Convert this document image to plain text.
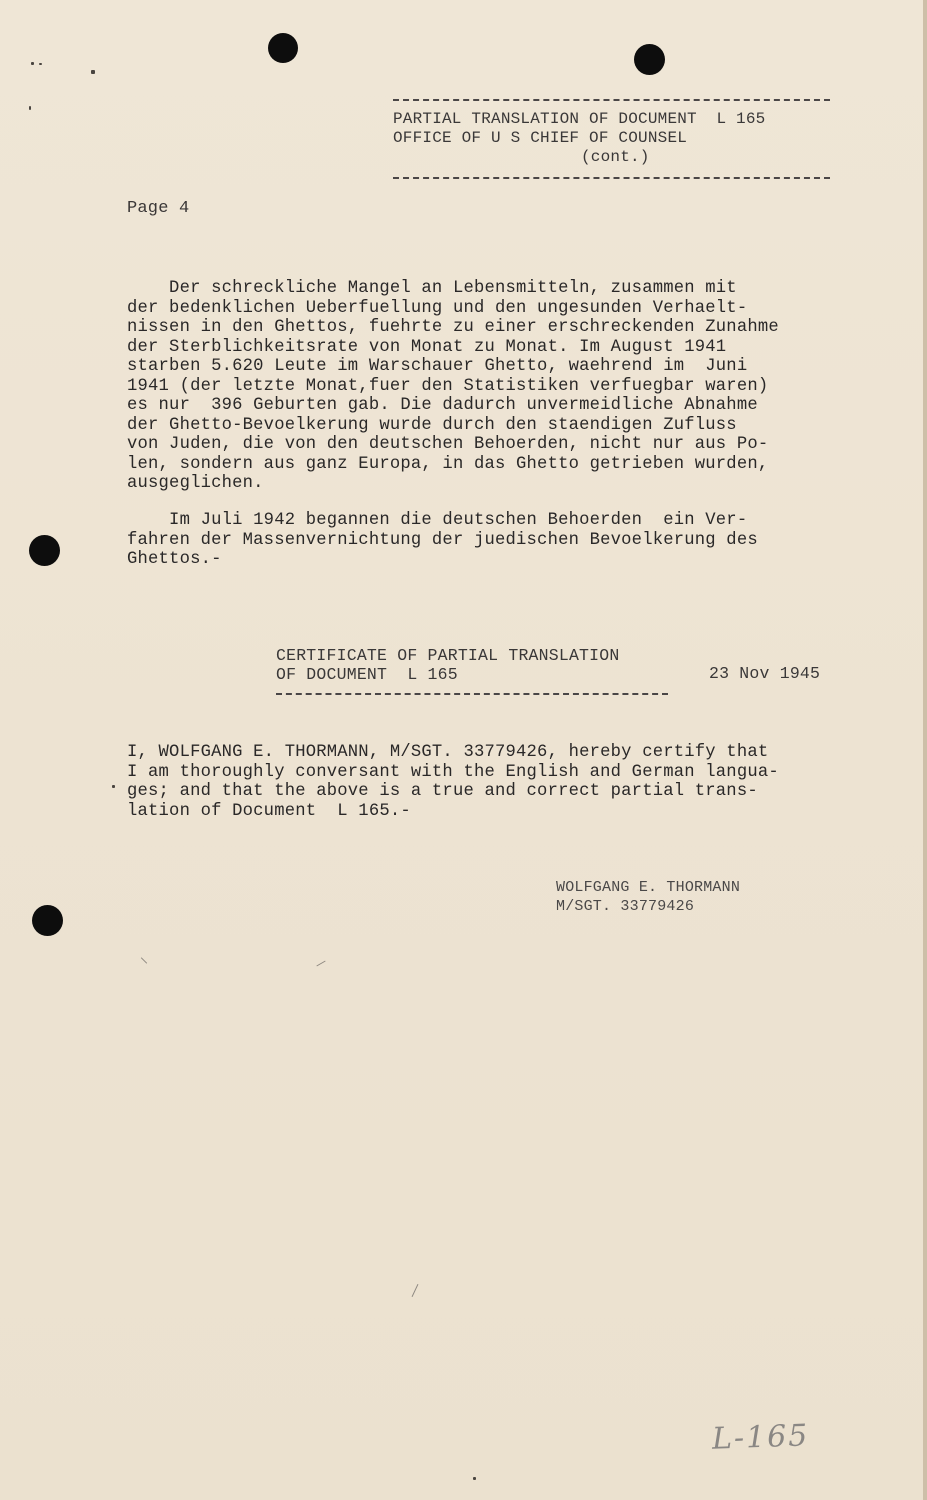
PARTIAL TRANSLATION OF DOCUMENT  L 165
OFFICE OF U S CHIEF OF COUNSEL
(cont.)
Page 4
Der schreckliche Mangel an Lebensmitteln, zusammen mit
der bedenklichen Ueberfuellung und den ungesunden Verhaelt-
nissen in den Ghettos, fuehrte zu einer erschreckenden Zunahme
der Sterblichkeitsrate von Monat zu Monat. Im August 1941
starben 5.620 Leute im Warschauer Ghetto, waehrend im  Juni
1941 (der letzte Monat,fuer den Statistiken verfuegbar waren)
es nur  396 Geburten gab. Die dadurch unvermeidliche Abnahme
der Ghetto-Bevoelkerung wurde durch den staendigen Zufluss
von Juden, die von den deutschen Behoerden, nicht nur aus Po-
len, sondern aus ganz Europa, in das Ghetto getrieben wurden,
ausgeglichen.
Im Juli 1942 begannen die deutschen Behoerden  ein Ver-
fahren der Massenvernichtung der juedischen Bevoelkerung des
Ghettos.-
CERTIFICATE OF PARTIAL TRANSLATION
OF DOCUMENT  L 165	23 Nov 1945
I, WOLFGANG E. THORMANN, M/SGT. 33779426, hereby certify that
I am thoroughly conversant with the English and German langua-
ges; and that the above is a true and correct partial trans-
lation of Document  L 165.-
WOLFGANG E. THORMANN
M/SGT. 33779426
L-165
